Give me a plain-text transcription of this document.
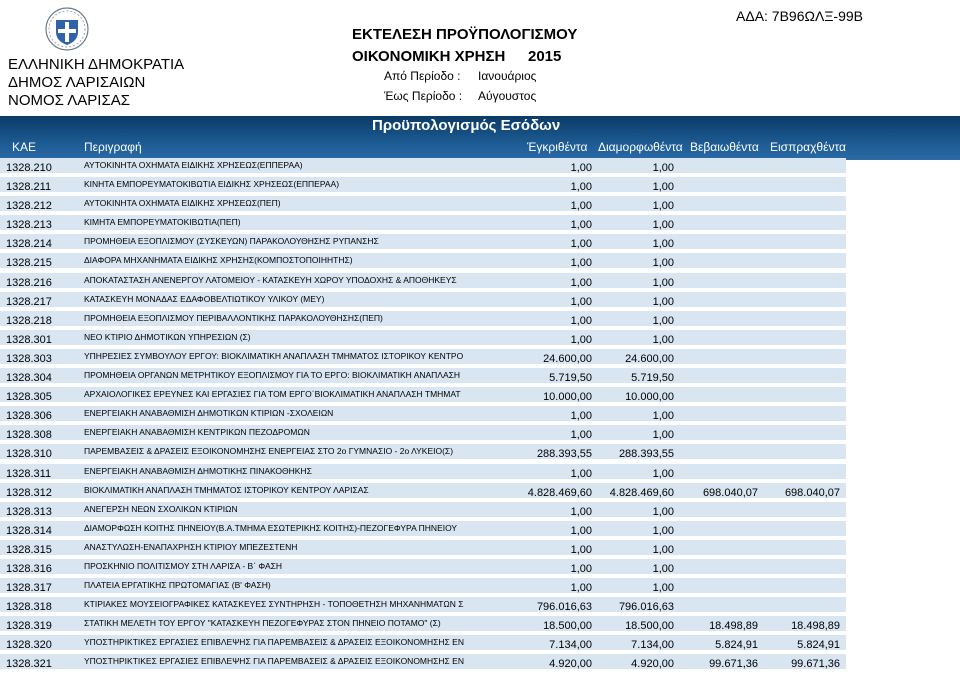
ΕΛΛΗΝΙΚΗ ΔΗΜΟΚΡΑΤΙΑ
ΔΗΜΟΣ ΛΑΡΙΣΑΙΩΝ
ΝΟΜΟΣ ΛΑΡΙΣΑΣ
ΕΚΤΕΛΕΣΗ ΠΡΟΫΠΟΛΟΓΙΣΜΟΥ
ΟΙΚΟΝΟΜΙΚΗ ΧΡΗΣΗ 2015
Από Περίοδο : Ιανουάριος
Έως Περίοδο : Αύγουστος
ΑΔΑ: 7Β96ΩΛΞ-99Β
ΚΑΕ	Περιγραφή	Έγκριθέντα Διαμορφωθέντα Βεβαιωθέντα Εισπραχθέντα
Προϋπολογισμός Εσόδων
1328.210	ΑΥΤΟΚΙΝΗΤΑ ΟΧΗΜΑΤΑ ΕΙΔΙΚΗΣ ΧΡΗΣΕΩΣ(ΕΠΠΕΡΑΑ)	1,00	1,00
1328.211	ΚΙΝΗΤΑ ΕΜΠΟΡΕΥΜΑΤΟΚΙΒΩΤΙΑ ΕΙΔΙΚΗΣ ΧΡΗΣΕΩΣ(ΕΠΠΕΡΑΑ)	1,00	1,00
1328.212	ΑΥΤΟΚΙΝΗΤΑ ΟΧΗΜΑΤΑ ΕΙΔΙΚΗΣ ΧΡΗΣΕΩΣ(ΠΕΠ)	1,00	1,00
1328.213	ΚΙΜΗΤΑ ΕΜΠΟΡΕΥΜΑΤΟΚΙΒΩΤΙΑ(ΠΕΠ)	1,00	1,00
1328.214	ΠΡΟΜΗΘΕΙΑ ΕΞΟΠΛΙΣΜΟΥ (ΣΥΣΚΕΥΩΝ) ΠΑΡΑΚΟΛΟΥΘΗΣΗΣ ΡΥΠΑΝΣΗΣ	1,00	1,00
1328.215	ΔΙΑΦΟΡΑ ΜΗΧΑΝΗΜΑΤΑ ΕΙΔΙΚΗΣ ΧΡΗΣΗΣ(ΚΟΜΠΟΣΤΟΠΟΙΗΗΤΗΣ)	1,00	1,00
1328.216	ΑΠΟΚΑΤΑΣΤΑΣΗ ΑΝΕΝΕΡΓΟΥ ΛΑΤΟΜΕΙΟΥ - ΚΑΤΑΣΚΕΥΗ ΧΩΡΟΥ ΥΠΟΔΟΧΗΣ & ΑΠΟΘΗΚΕΥΣ	1,00	1,00
1328.217	ΚΑΤΑΣΚΕΥΗ ΜΟΝΑΔΑΣ ΕΔΑΦΟΒΕΛΤΙΩΤΙΚΟΥ ΥΛΙΚΟΥ (ΜΕΥ)	1,00	1,00
1328.218	ΠΡΟΜΗΘΕΙΑ ΕΞΟΠΛΙΣΜΟΥ ΠΕΡΙΒΑΛΛΟΝΤΙΚΗΣ ΠΑΡΑΚΟΛΟΥΘΗΣΗΣ(ΠΕΠ)	1,00	1,00
1328.301	ΝΕΟ ΚΤΙΡΙΟ ΔΗΜΟΤΙΚΩΝ ΥΠΗΡΕΣΙΩΝ (Σ)	1,00	1,00
1328.303	ΥΠΗΡΕΣΙΕΣ ΣΥΜΒΟΥΛΟΥ ΕΡΓΟΥ: ΒΙΟΚΛΙΜΑΤΙΚΗ ΑΝΑΠΛΑΣΗ ΤΜΗΜΑΤΟΣ ΙΣΤΟΡΙΚΟΥ ΚΕΝΤΡΟ	24.600,00	24.600,00
1328.304	ΠΡΟΜΗΘΕΙΑ ΟΡΓΑΝΩΝ ΜΕΤΡΗΤΙΚΟΥ ΕΞΟΠΛΙΣΜΟΥ ΓΙΑ ΤΟ ΕΡΓΟ: ΒΙΟΚΛΙΜΑΤΙΚΗ ΑΝΑΠΛΑΣΗ	5.719,50	5.719,50
1328.305	ΑΡΧΑΙΟΛΟΓΙΚΕΣ ΕΡΕΥΝΕΣ ΚΑΙ ΕΡΓΑΣΙΕΣ ΓΙΑ ΤΟΜ ΕΡΓΟ΄ΒΙΟΚΛΙΜΑΤΙΚΗ ΑΝΑΠΛΑΣΗ ΤΜΗΜΑΤ	10.000,00	10.000,00
1328.306	ΕΝΕΡΓΕΙΑΚΗ ΑΝΑΒΑΘΜΙΣΗ ΔΗΜΟΤΙΚΩΝ ΚΤΙΡΙΩΝ -ΣΧΟΛΕΙΩΝ	1,00	1,00
1328.308	ΕΝΕΡΓΕΙΑΚΗ ΑΝΑΒΑΘΜΙΣΗ ΚΕΝΤΡΙΚΩΝ ΠΕΖΟΔΡΟΜΩΝ	1,00	1,00
1328.310	ΠΑΡΕΜΒΑΣΕΙΣ & ΔΡΑΣΕΙΣ ΕΞΟΙΚΟΝΟΜΗΣΗΣ ΕΝΕΡΓΕΙΑΣ ΣΤΟ 2ο ΓΥΜΝΑΣΙΟ - 2ο ΛΥΚΕΙΟ(Σ)	288.393,55	288.393,55
1328.311	ΕΝΕΡΓΕΙΑΚΗ ΑΝΑΒΑΘΜΙΣΗ ΔΗΜΟΤΙΚΗΣ ΠΙΝΑΚΟΘΗΚΗΣ	1,00	1,00
1328.312	ΒΙΟΚΛΙΜΑΤΙΚΗ ΑΝΑΠΛΑΣΗ ΤΜΗΜΑΤΟΣ ΙΣΤΟΡΙΚΟΥ ΚΕΝΤΡΟΥ ΛΑΡΙΣΑΣ	4.828.469,60	4.828.469,60	698.040,07	698.040,07
1328.313	ΑΝΕΓΕΡΣΗ ΝΕΩΝ ΣΧΟΛΙΚΩΝ ΚΤΙΡΙΩΝ	1,00	1,00
1328.314	ΔΙΑΜΟΡΦΩΣΗ ΚΟΙΤΗΣ ΠΗΝΕΙΟΥ(Β.Α.ΤΜΗΜΑ ΕΣΩΤΕΡΙΚΗΣ ΚΟΙΤΗΣ)-ΠΕΖΟΓΕΦΥΡΑ ΠΗΝΕΙΟΥ	1,00	1,00
1328.315	ΑΝΑΣΤΥΛΩΣΗ-ΕΝΑΠΑΧΡΗΣΗ ΚΤΙΡΙΟΥ ΜΠΕΖΕΣΤΕΝΗ	1,00	1,00
1328.316	ΠΡΟΣΚΗΝΙΟ ΠΟΛΙΤΙΣΜΟΥ ΣΤΗ ΛΑΡΙΣΑ - Β΄ ΦΑΣΗ	1,00	1,00
1328.317	ΠΛΑΤΕΙΑ ΕΡΓΑΤΙΚΗΣ ΠΡΩΤΟΜΑΓΙΑΣ (Β' ΦΑΣΗ)	1,00	1,00
1328.318	ΚΤΙΡΙΑΚΕΣ ΜΟΥΣΕΙΟΓΡΑΦΙΚΕΣ ΚΑΤΑΣΚΕΥΕΣ ΣΥΝΤΗΡΗΣΗ - ΤΟΠΟΘΕΤΗΣΗ ΜΗΧΑΝΗΜΑΤΩΝ Σ	796.016,63	796.016,63
1328.319	ΣΤΑΤΙΚΗ ΜΕΛΕΤΗ ΤΟΥ ΕΡΓΟΥ "ΚΑΤΑΣΚΕΥΗ ΠΕΖΟΓΕΦΥΡΑΣ ΣΤΟΝ ΠΗΝΕΙΟ ΠΟΤΑΜΟ" (Σ)	18.500,00	18.500,00	18.498,89	18.498,89
1328.320	ΥΠΟΣΤΗΡΙΚΤΙΚΕΣ ΕΡΓΑΣΙΕΣ ΕΠΙΒΛΕΨΗΣ ΓΙΑ ΠΑΡΕΜΒΑΣΕΙΣ & ΔΡΑΣΕΙΣ ΕΞΟΙΚΟΝΟΜΗΣΗΣ ΕΝ	7.134,00	7.134,00	5.824,91	5.824,91
1328.321	ΥΠΟΣΤΗΡΙΚΤΙΚΕΣ ΕΡΓΑΣΙΕΣ ΕΠΙΒΛΕΨΗΣ ΓΙΑ ΠΑΡΕΜΒΑΣΕΙΣ & ΔΡΑΣΕΙΣ ΕΞΟΙΚΟΝΟΜΗΣΗΣ ΕΝ	4.920,00	4.920,00	99.671,36	99.671,36
